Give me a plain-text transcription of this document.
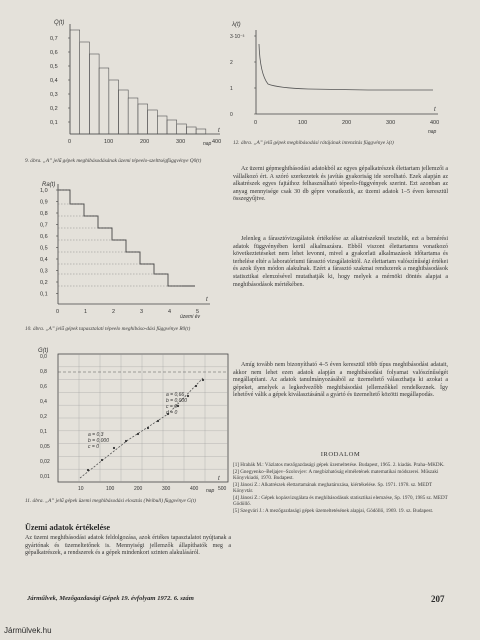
Q(t)
0,7
0,6
0,5
0,4
0,3
0,2
0,1
0	100	200	300	400
t
nap
9. ábra. „A” jelű gépek meghibásodásának üzemi tépeelo-szelttségfüggvénye Q0(t)
Ra(t)
1,0
0,9
0,8
0,7
0,6
0,5
0,4
0,3
0,2
0,1
0	1	2	3	4	5
t
üzemi év
10. ábra. „A” jelű gépek tapasztalati tépeelo meghibáso-dási függvénye R0(t)
G(t)
0,0
0,8
0,6
0,4
0,2
0,1
0,05
0,02
0,01
10	100	200	300	400	500
a = 0,66 b = 0,000 c = 0 d = 0
a = 0,3 b = 0,000 c = 0
t
nap
11. ábra. „A” jelű gépek üzemi meghibásodási elosztás (Weibull) függvénye G(t)
Üzemi adatok értékelése
Az üzemi meghibásodási adatok feldolgozása, azok értékes tapasztalatot nyújtanak a gyártónak és üzemeltetőnek is. Mennyiségi jellemzők állapíthatók meg a gépalkatrészek, a rendszerek és a gépek mindenkori szinten alakulásáról.
λ(t)
3·10⁻³
2
1
0
0	100	200	300	400
t
nap
12. ábra. „A” jelű gépek meghibásodási rátájának intenzitás függvénye λ(t)
Az üzemi gépmeghibásodási adatokból az egyes gépalkatrészek élettartam jellemzői a vállalkozó ért. A szóró szerkezetek és javítás gyakoriság ide sorolható. Ezek alapján az alkatrészek egyes fajtáihoz felhasználható tépeelo-függvények szerint. Ezt azonban az anyag mennyisége csak 30 db gépre vonatkozik, az üzemi adatok 1–5 éven keresztül összegyűjtve.
Jelenleg a fárasztóvizsgálatok értékelése az alkatrészeknél tesztelik, ezt a bemérési adatok függvényében kerül alkalmazásra. Ebből viszont élettartamra vonatkozó következtetéseket nem lehet levonni, mivel a gyakorlati alkalmazások időtartama és terhelése eltér a laboratóriumi fárasztó vizsgálatoktól. Az élettartam valószínűségi értékei és azok ilyen módon alakulnak. Ezért a fárasztó szakmai rendszerek a meghibásodások statisztikai elemzésével mutathatják ki, hogy melyek a mérnöki döntés alapjai a meghibásodások mértékében.
Amíg tovább nem bizonyítható 4–5 éven keresztül több típus meghibásodási adatait, akkor nem lehet ezen adatok alapján a meghibásodási folyamat valószínűségét megállapítani. Az adatok tanulmányozásából az üzemeltető választhatja ki azokat a gépeket, amelyek a legkedvezőbb meghibásodási jellemzőkkel rendelkeznek. Így lehetővé válik a gépek kiválasztásánál a gyártó és üzemeltető közötti megállapodás.
IRODALOM
[1] Hrabák M.: Vázlatos mezőgazdasági gépek üzemeltetése. Budapest, 1965. 2. kiadás. Praha–MKDK.
[2] Gnegyenko–Beljajev–Szolovjev: A megbízhatóság elméletének matematikai módszerei. Műszaki Könyvkiadó, 1970. Budapest.
[3] Jánosi Z.: Alkatrészek élettartamának meghatározása, kiértékelése. Sp. 1971. 1978. sz. MEDT Könyvtár.
[4] Jánosi Z.: Gépek kopásvizsgálata és meghibásodásuk statisztikai elemzése, Sp. 1970, 1985 sz. MEDT Gödöllő.
[5] Szegvári J.: A mezőgazdasági gépek üzemeltetésének alapjai, Gödöllő, 1969. 19. sz. Budapest.
Járműlvek, Mezőgazdasági Gépek 19. évfolyam 1972. 6. szám	207
Jármülvek.hu
